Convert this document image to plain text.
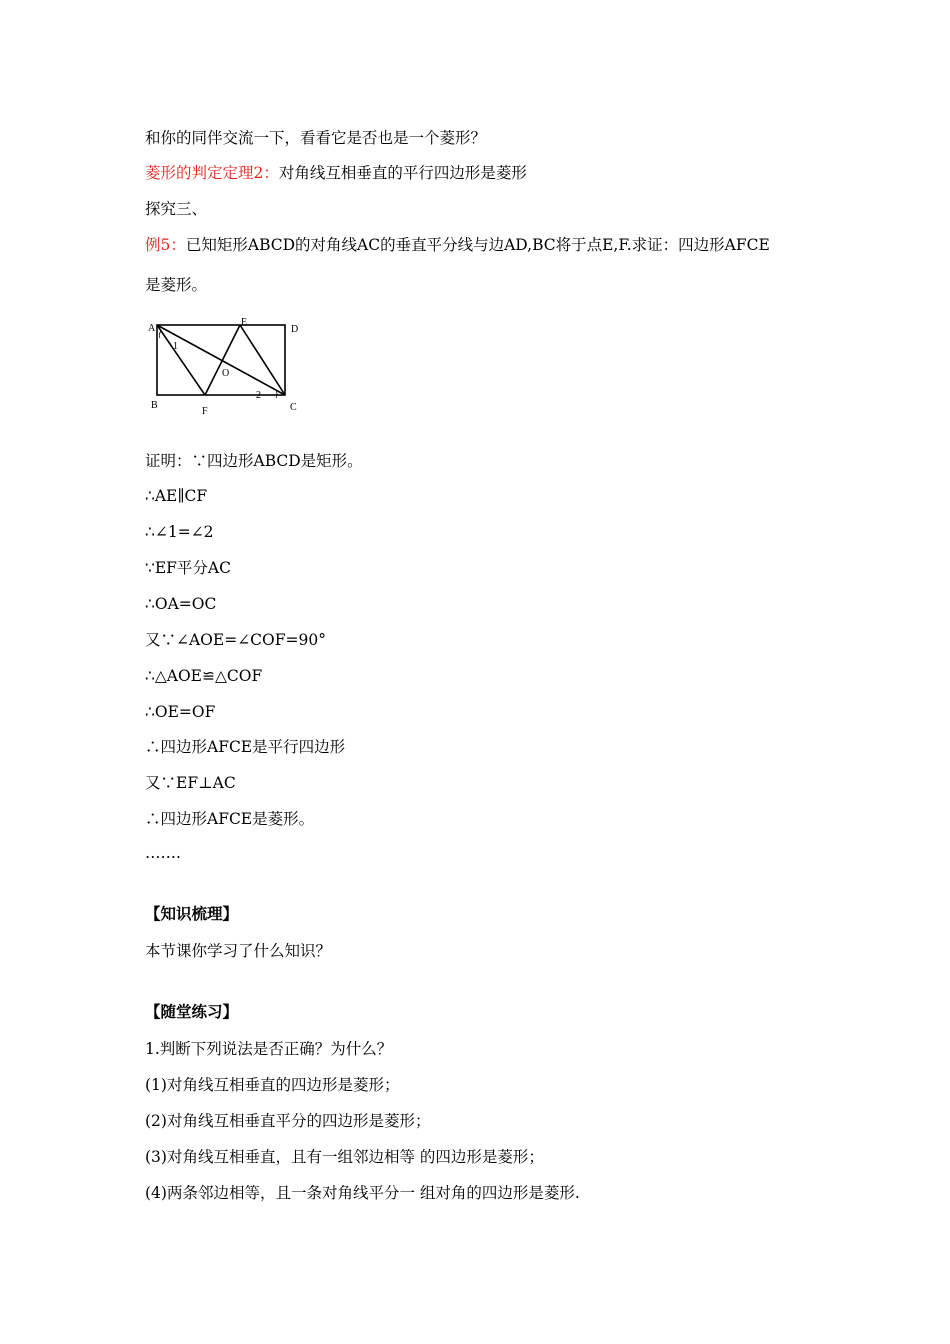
和你的同伴交流一下，看看它是否也是一个菱形？
菱形的判定定理2：对角线互相垂直的平行四边形是菱形
探究三、
例5：已知矩形ABCD的对角线AC的垂直平分线与边AD,BC将于点E,F.求证：四边形AFCE
是菱形。
A
E
D
1
O
2
B
F	C
证明：∵四边形ABCD是矩形。
∴AE∥CF
∴∠1=∠2
∵EF平分AC
∴OA=OC
又∵∠AOE=∠COF=90°
∴△AOE≌△COF
∴OE=OF
∴四边形AFCE是平行四边形
又∵EF⊥AC
∴四边形AFCE是菱形。
…….
【知识梳理】
本节课你学习了什么知识？
【随堂练习】
1.判断下列说法是否正确？为什么？
(1)对角线互相垂直的四边形是菱形；
(2)对角线互相垂直平分的四边形是菱形；
(3)对角线互相垂直，且有一组邻边相等 的四边形是菱形；
(4)两条邻边相等，且一条对角线平分一 组对角的四边形是菱形.
